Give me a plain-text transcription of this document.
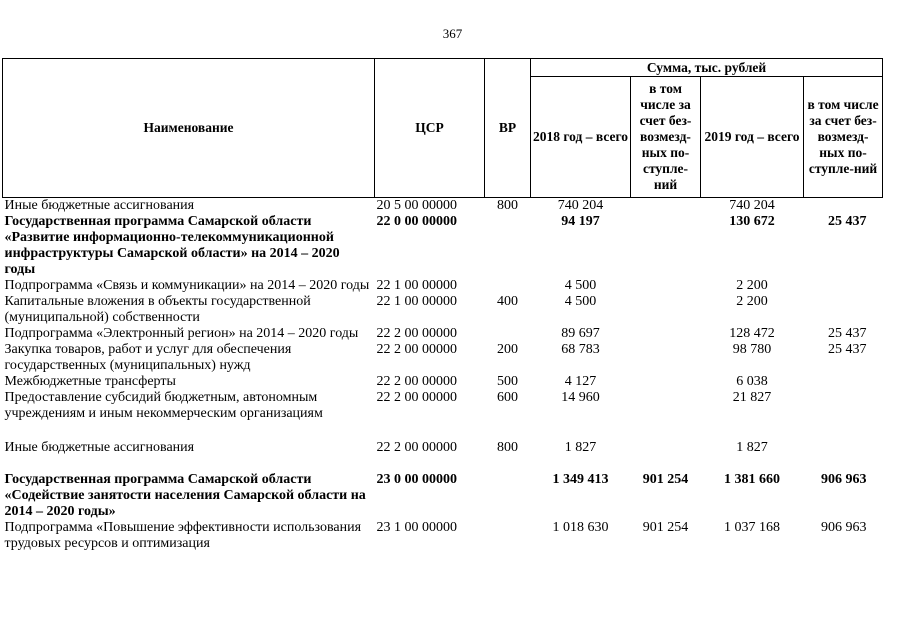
367
Наименование	ЦСР	ВР	Сумма, тыс. рублей			
			2018 год – всего	в том числе за счет без-возмезд-ных по-ступле-ний	2019 год – всего	в том числе за счет без-возмезд-ных по-ступле-ний
Иные бюджетные ассигнования	20 5 00 00000	800	740 204		740 204	
Государственная программа Самарской области «Развитие информационно-телекоммуникационной инфраструктуры Самарской области» на 2014 – 2020 годы	22 0 00 00000		94 197		130 672	25 437
Подпрограмма «Связь и коммуникации» на 2014 – 2020 годы	22 1 00 00000		4 500		2 200	
Капитальные вложения в объекты государственной (муниципальной) собственности	22 1 00 00000	400	4 500		2 200	
Подпрограмма «Электронный регион» на 2014 – 2020 годы	22 2 00 00000		89 697		128 472	25 437
Закупка товаров, работ и услуг для обеспечения государственных (муниципальных) нужд	22 2 00 00000	200	68 783		98 780	25 437
Межбюджетные трансферты	22 2 00 00000	500	4 127		6 038	
Предоставление субсидий бюджетным, автономным учреждениям и иным некоммерческим организациям	22 2 00 00000	600	14 960		21 827	
Иные бюджетные ассигнования	22 2 00 00000	800	1 827		1 827	
Государственная программа Самарской области «Содействие занятости населения Самарской области на 2014 – 2020 годы»	23 0 00 00000		1 349 413	901 254	1 381 660	906 963
Подпрограмма «Повышение эффективности использования трудовых ресурсов и оптимизация	23 1 00 00000		1 018 630	901 254	1 037 168	906 963
